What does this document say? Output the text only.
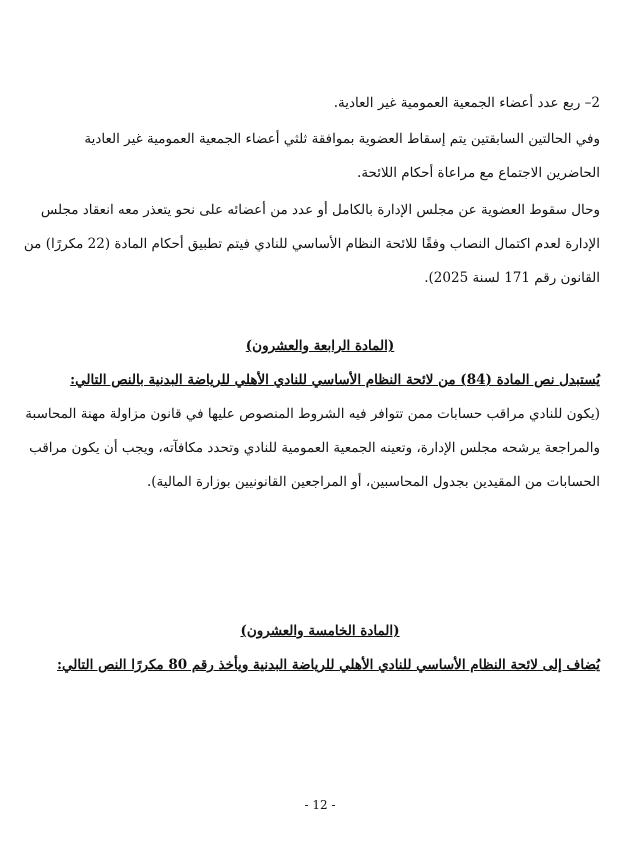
2– ربع عدد أعضاء الجمعية العمومية غير العادية.

وفي الحالتين السابقتين يتم إسقاط العضوية بموافقة ثلثي أعضاء الجمعية العمومية غير العادية
الحاضرين الاجتماع مع مراعاة أحكام اللائحة.

وحال سقوط العضوية عن مجلس الإدارة بالكامل أو عدد من أعضائه على نحو يتعذر معه انعقاد مجلس
الإدارة لعدم اكتمال النصاب وفقًا للائحة النظام الأساسي للنادي فيتم تطبيق أحكام المادة (22 مكررًا) من
القانون رقم 171 لسنة 2025).

(المادة الرابعة والعشرون)

يُستبدل نص المادة (84) من لائحة النظام الأساسي للنادي الأهلي للرياضة البدنية بالنص التالي:

(يكون للنادي مراقب حسابات ممن تتوافر فيه الشروط المنصوص عليها في قانون مزاولة مهنة المحاسبة
والمراجعة يرشحه مجلس الإدارة، وتعينه الجمعية العمومية للنادي وتحدد مكافآته، ويجب أن يكون مراقب
الحسابات من المقيدين بجدول المحاسبين، أو المراجعين القانونيين بوزارة المالية).

(المادة الخامسة والعشرون)

يُضاف إلى لائحة النظام الأساسي للنادي الأهلي للرياضة البدنية ويأخذ رقم 80 مكررًا النص التالي:

- 12 -
